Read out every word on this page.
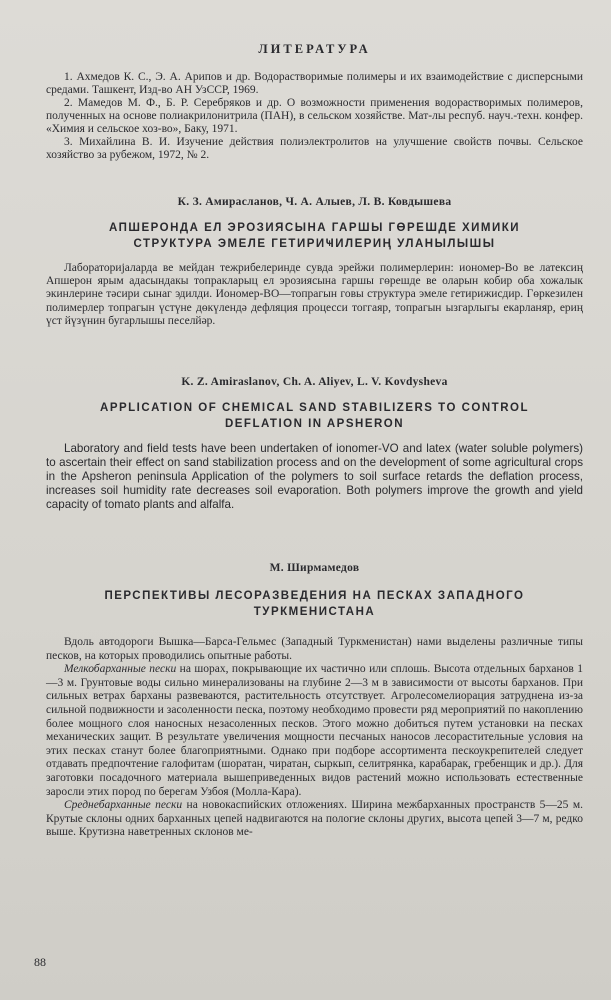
ЛИТЕРАТУРА

1. Ахмедов К. С., Э. А. Арипов и др. Водорастворимые полимеры и их взаимодействие с дисперсными средами. Ташкент, Изд-во АН УзССР, 1969.

2. Мамедов М. Ф., Б. Р. Серебряков и др. О возможности применения водорастворимых полимеров, полученных на основе полиакрилонитрила (ПАН), в сельском хозяйстве. Мат-лы респуб. науч.-техн. конфер. «Химия и сельское хоз-во», Баку, 1971.

3. Михайлина В. И. Изучение действия полиэлектролитов на улучшение свойств почвы. Сельское хозяйство за рубежом, 1972, № 2.

К. З. Амираслaнов, Ч. А. Алыев, Л. В. Ковдышева
АПШЕРОНДА ЕЛ ЭРОЗИЯСЫНА ГАРШЫ ГӨРЕШДЕ ХИМИКИ
СТРУКТУРА ЭМЕЛЕ ГЕТИРИҸИЛЕРИҢ УЛАНЫЛЫШЫ

Лабораторијаларда ве мейдан тежрибелеринде сувда эрейжи полимерлерин: иономер-Во ве латексиң Апшерон ярым адасындакы топракларыц ел эрозиясына гаршы гөрешде ве оларын кобир оба хожалык экинлерине тәсири сынаг эдилди. Иономер-ВО—топрагын говы структура эмеле гетирижисдир. Гөркезилен полимерлер топрагын үстүне дөкүлендә дефляция процесси тоггаяр, топрагын ызгарлыгы екарланяр, ериң үст йүзүнин бугарлышы песелйәр.

K. Z. Amiraslanov, Ch. A. Aliyev, L. V. Kovdysheva
APPLICATION OF CHEMICAL SAND STABILIZERS TO CONTROL
DEFLATION IN APSHERON

Laboratory and field tests have been undertaken of ionomer-VO and latex (water soluble polymers) to ascertain their effect on sand stabilization process and on the development of some agricultural crops in the Apsheron peninsula Application of the polymers to soil surface retards the deflation process, increases soil humidity rate decreases soil evaporation. Both polymers improve the growth and yield capacity of tomato plants and alfalfa.

М. Ширмамедов
ПЕРСПЕКТИВЫ ЛЕСОРАЗВЕДЕНИЯ НА ПЕСКАХ ЗАПАДНОГО
ТУРКМЕНИСТАНА

Вдоль автодороги Вышка—Барса-Гельмес (Западный Туркменистан) нами выделены различные типы песков, на которых проводились опытные работы.

Мелкобарханные пески на шорах, покрывающие их частично или сплошь. Высота отдельных барханов 1—3 м. Грунтовые воды сильно минерализованы на глубине 2—3 м в зависимости от высоты барханов. При сильных ветрах барханы развеваются, растительность отсутствует. Агролесомелиорация затруднена из-за сильной подвижности и засоленности песка, поэтому необходимо провести ряд мероприятий по накоплению более мощного слоя наносных незасоленных песков. Этого можно добиться путем установки на песках механических защит. В результате увеличения мощности песчаных наносов лесорастительные условия на этих песках станут более благоприятными. Однако при подборе ассортимента пескоукрепителей следует отдавать предпочтение галофитам (шоратан, чиратан, сыркып, селитрянка, карабарак, гребенщик и др.). Для заготовки посадочного материала вышеприведенных видов растений можно использовать естественные заросли этих пород по берегам Узбоя (Молла-Кара).

Среднебарханные пески на новокаспийских отложениях. Ширина межбарханных пространств 5—25 м. Крутые склоны одних барханных цепей надвигаются на пологие склоны других, высота цепей 3—7 м, редко выше. Крутизна наветренных склонов ме-

88
